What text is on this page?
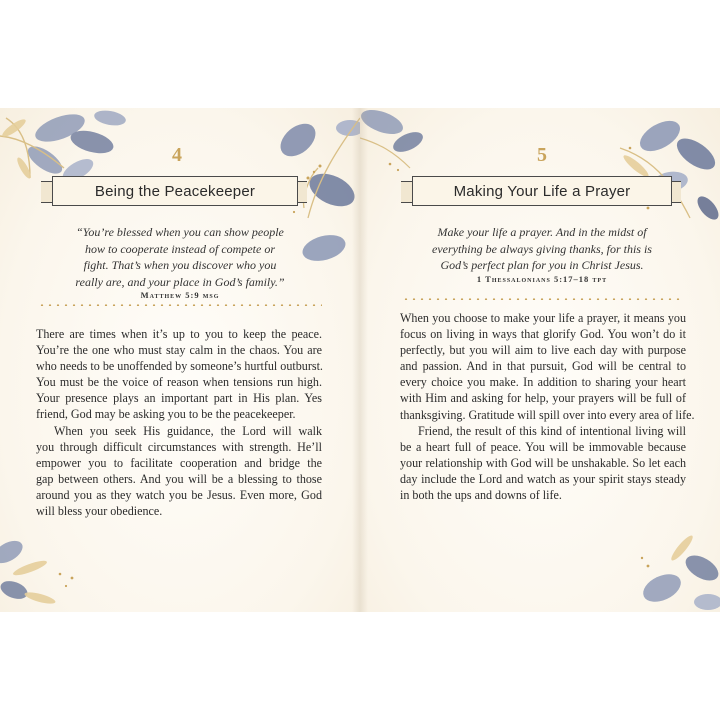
4
Being the Peacekeeper
“You’re blessed when you can show people
how to cooperate instead of compete or
fight. That’s when you discover who you
really are, and your place in God’s family.”
Matthew 5:9 msg
There are times when it’s up to you to keep the peace.
You’re the one who must stay calm in the chaos. You are
who needs to be unoffended by someone’s hurtful outburst.
You must be the voice of reason when tensions run high.
Your presence plays an important part in His plan. Yes
friend, God may be asking you to be the peacekeeper.
When you seek His guidance, the Lord will walk
you through difficult circumstances with strength. He’ll
empower you to facilitate cooperation and bridge the
gap between others. And you will be a blessing to those
around you as they watch you be Jesus. Even more, God
will bless your obedience.
5
Making Your Life a Prayer
Make your life a prayer. And in the midst of
everything be always giving thanks, for this is
God’s perfect plan for you in Christ Jesus.
1 Thessalonians 5:17–18 tpt
When you choose to make your life a prayer, it means you
focus on living in ways that glorify God. You won’t do it
perfectly, but you will aim to live each day with purpose
and passion. And in that pursuit, God will be central to
every choice you make. In addition to sharing your heart
with Him and asking for help, your prayers will be full of
thanksgiving. Gratitude will spill over into every area of life.
Friend, the result of this kind of intentional living will
be a heart full of peace. You will be immovable because
your relationship with God will be unshakable. So let each
day include the Lord and watch as your spirit stays steady
in both the ups and downs of life.
